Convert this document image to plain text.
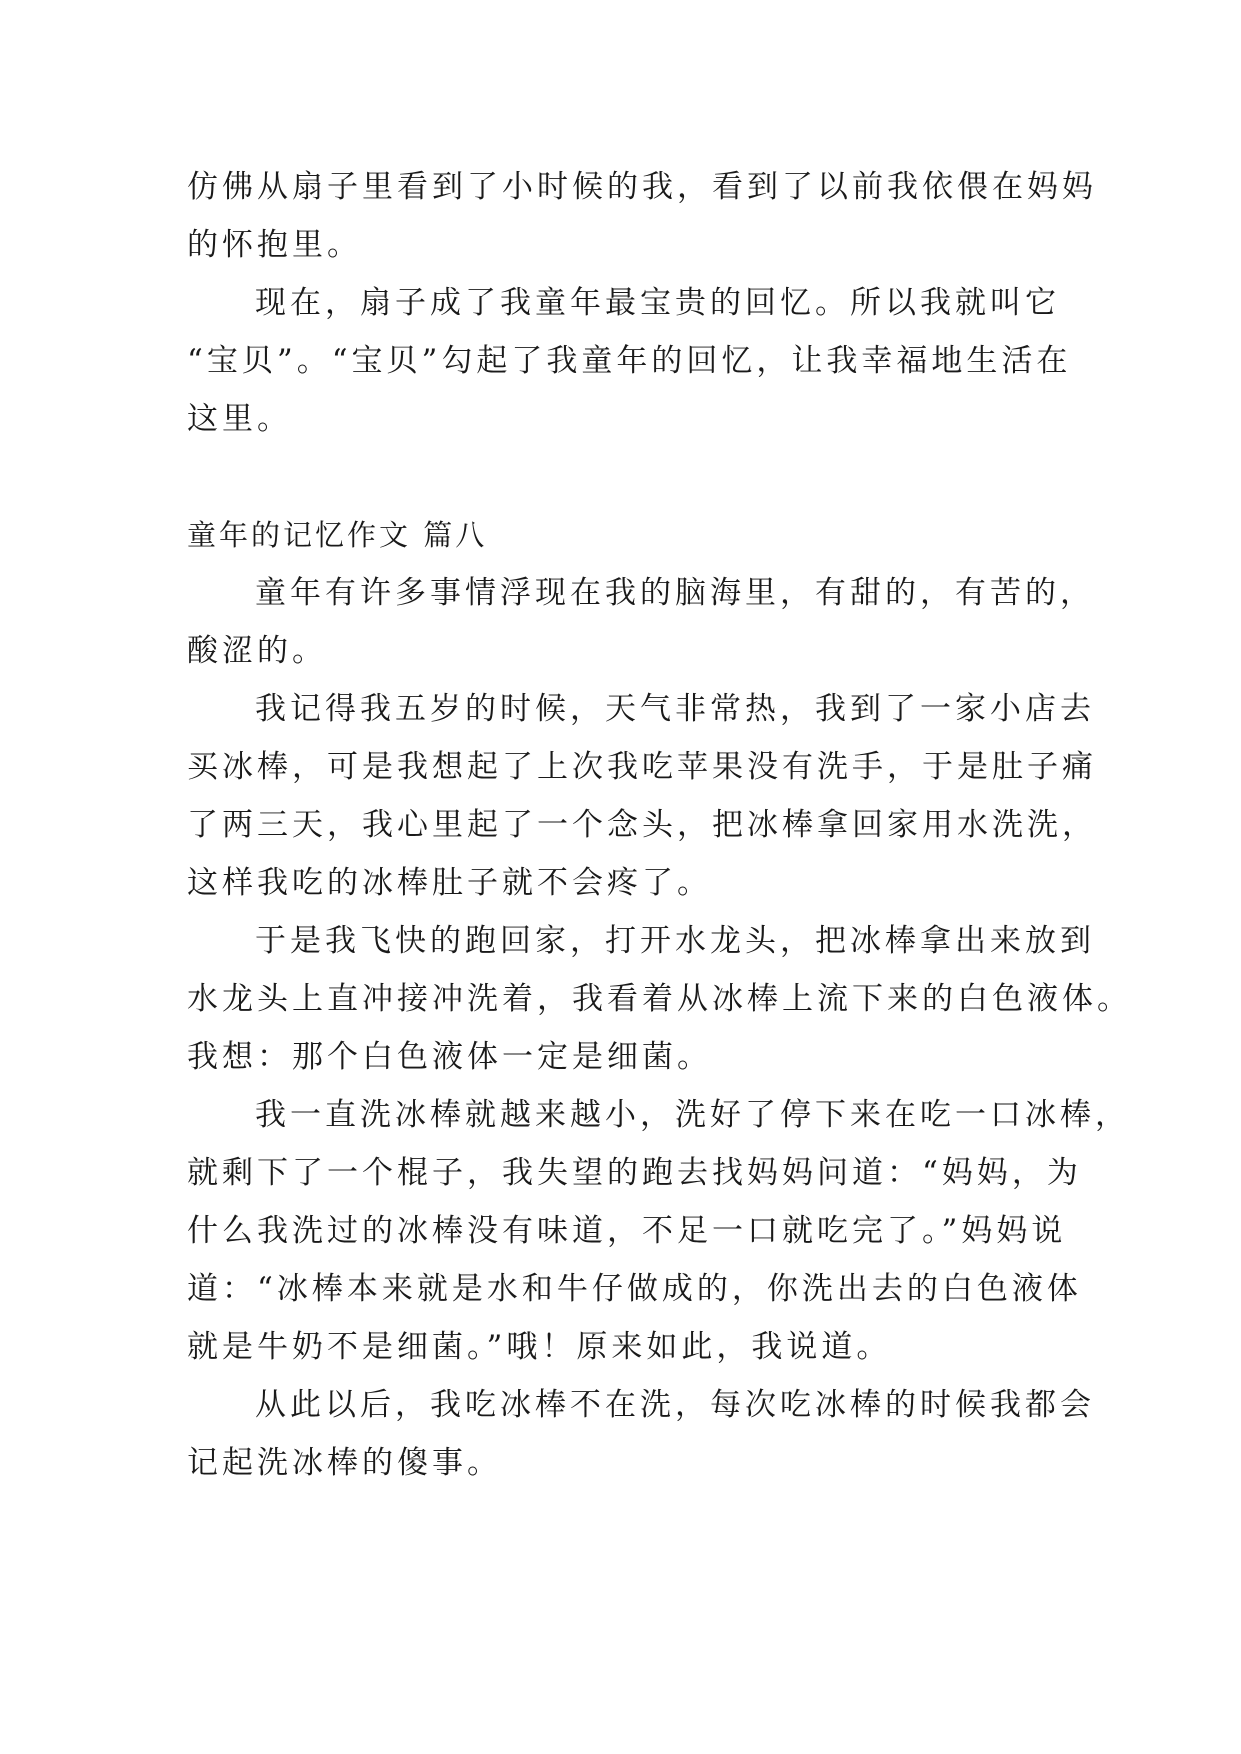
仿佛从扇子里看到了小时候的我，看到了以前我依偎在妈妈
的怀抱里。
现在，扇子成了我童年最宝贵的回忆。所以我就叫它
“宝贝”。“宝贝”勾起了我童年的回忆，让我幸福地生活在
这里。
童年的记忆作文 篇八
童年有许多事情浮现在我的脑海里，有甜的，有苦的，
酸涩的。
我记得我五岁的时候，天气非常热，我到了一家小店去
买冰棒，可是我想起了上次我吃苹果没有洗手，于是肚子痛
了两三天，我心里起了一个念头，把冰棒拿回家用水洗洗，
这样我吃的冰棒肚子就不会疼了。
于是我飞快的跑回家，打开水龙头，把冰棒拿出来放到
水龙头上直冲接冲洗着，我看着从冰棒上流下来的白色液体。
我想：那个白色液体一定是细菌。
我一直洗冰棒就越来越小，洗好了停下来在吃一口冰棒，
就剩下了一个棍子，我失望的跑去找妈妈问道：“妈妈，为
什么我洗过的冰棒没有味道，不足一口就吃完了。”妈妈说
道：“冰棒本来就是水和牛仔做成的，你洗出去的白色液体
就是牛奶不是细菌。”哦！原来如此，我说道。
从此以后，我吃冰棒不在洗，每次吃冰棒的时候我都会
记起洗冰棒的傻事。
